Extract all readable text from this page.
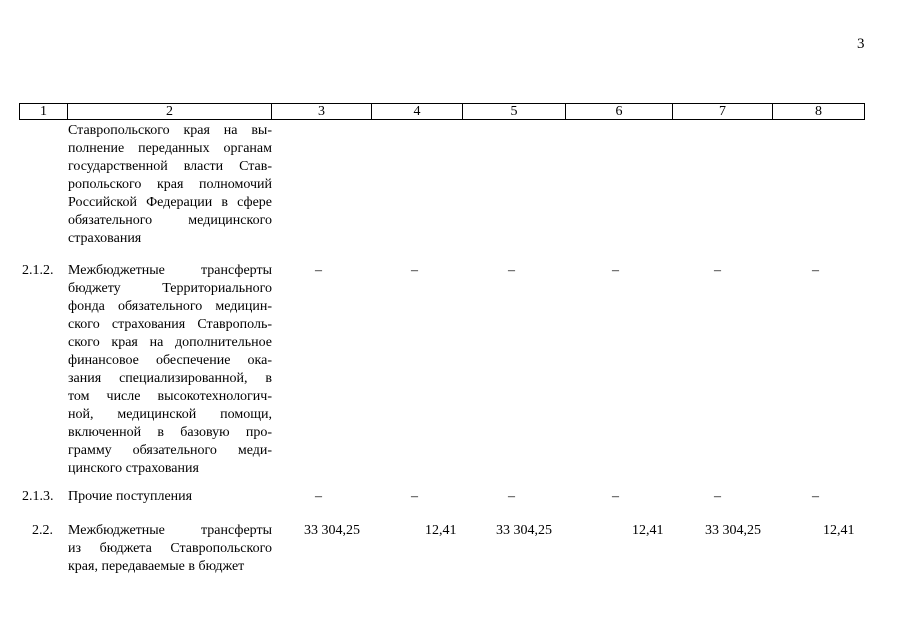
3
1	2	3	4	5	6	7	8
Ставропольского края на вы-
полнение переданных органам
государственной власти Став-
ропольского края полномочий
Российской Федерации в сфере
обязательного медицинского
страхования
2.1.2.	Межбюджетные трансферты
бюджету Территориального
фонда обязательного медицин-
ского страхования Ставрополь-
ского края на дополнительное
финансовое обеспечение ока-
зания специализированной, в
том числе высокотехнологич-
ной, медицинской помощи,
включенной в базовую про-
грамму обязательного меди-
цинского страхования
–	–	–	–	–	–
2.1.3.	Прочие поступления	–	–	–	–	–	–
2.2.	Межбюджетные трансферты
из бюджета Ставропольского
края, передаваемые в бюджет
33 304,25	12,41	33 304,25	12,41	33 304,25	12,41
